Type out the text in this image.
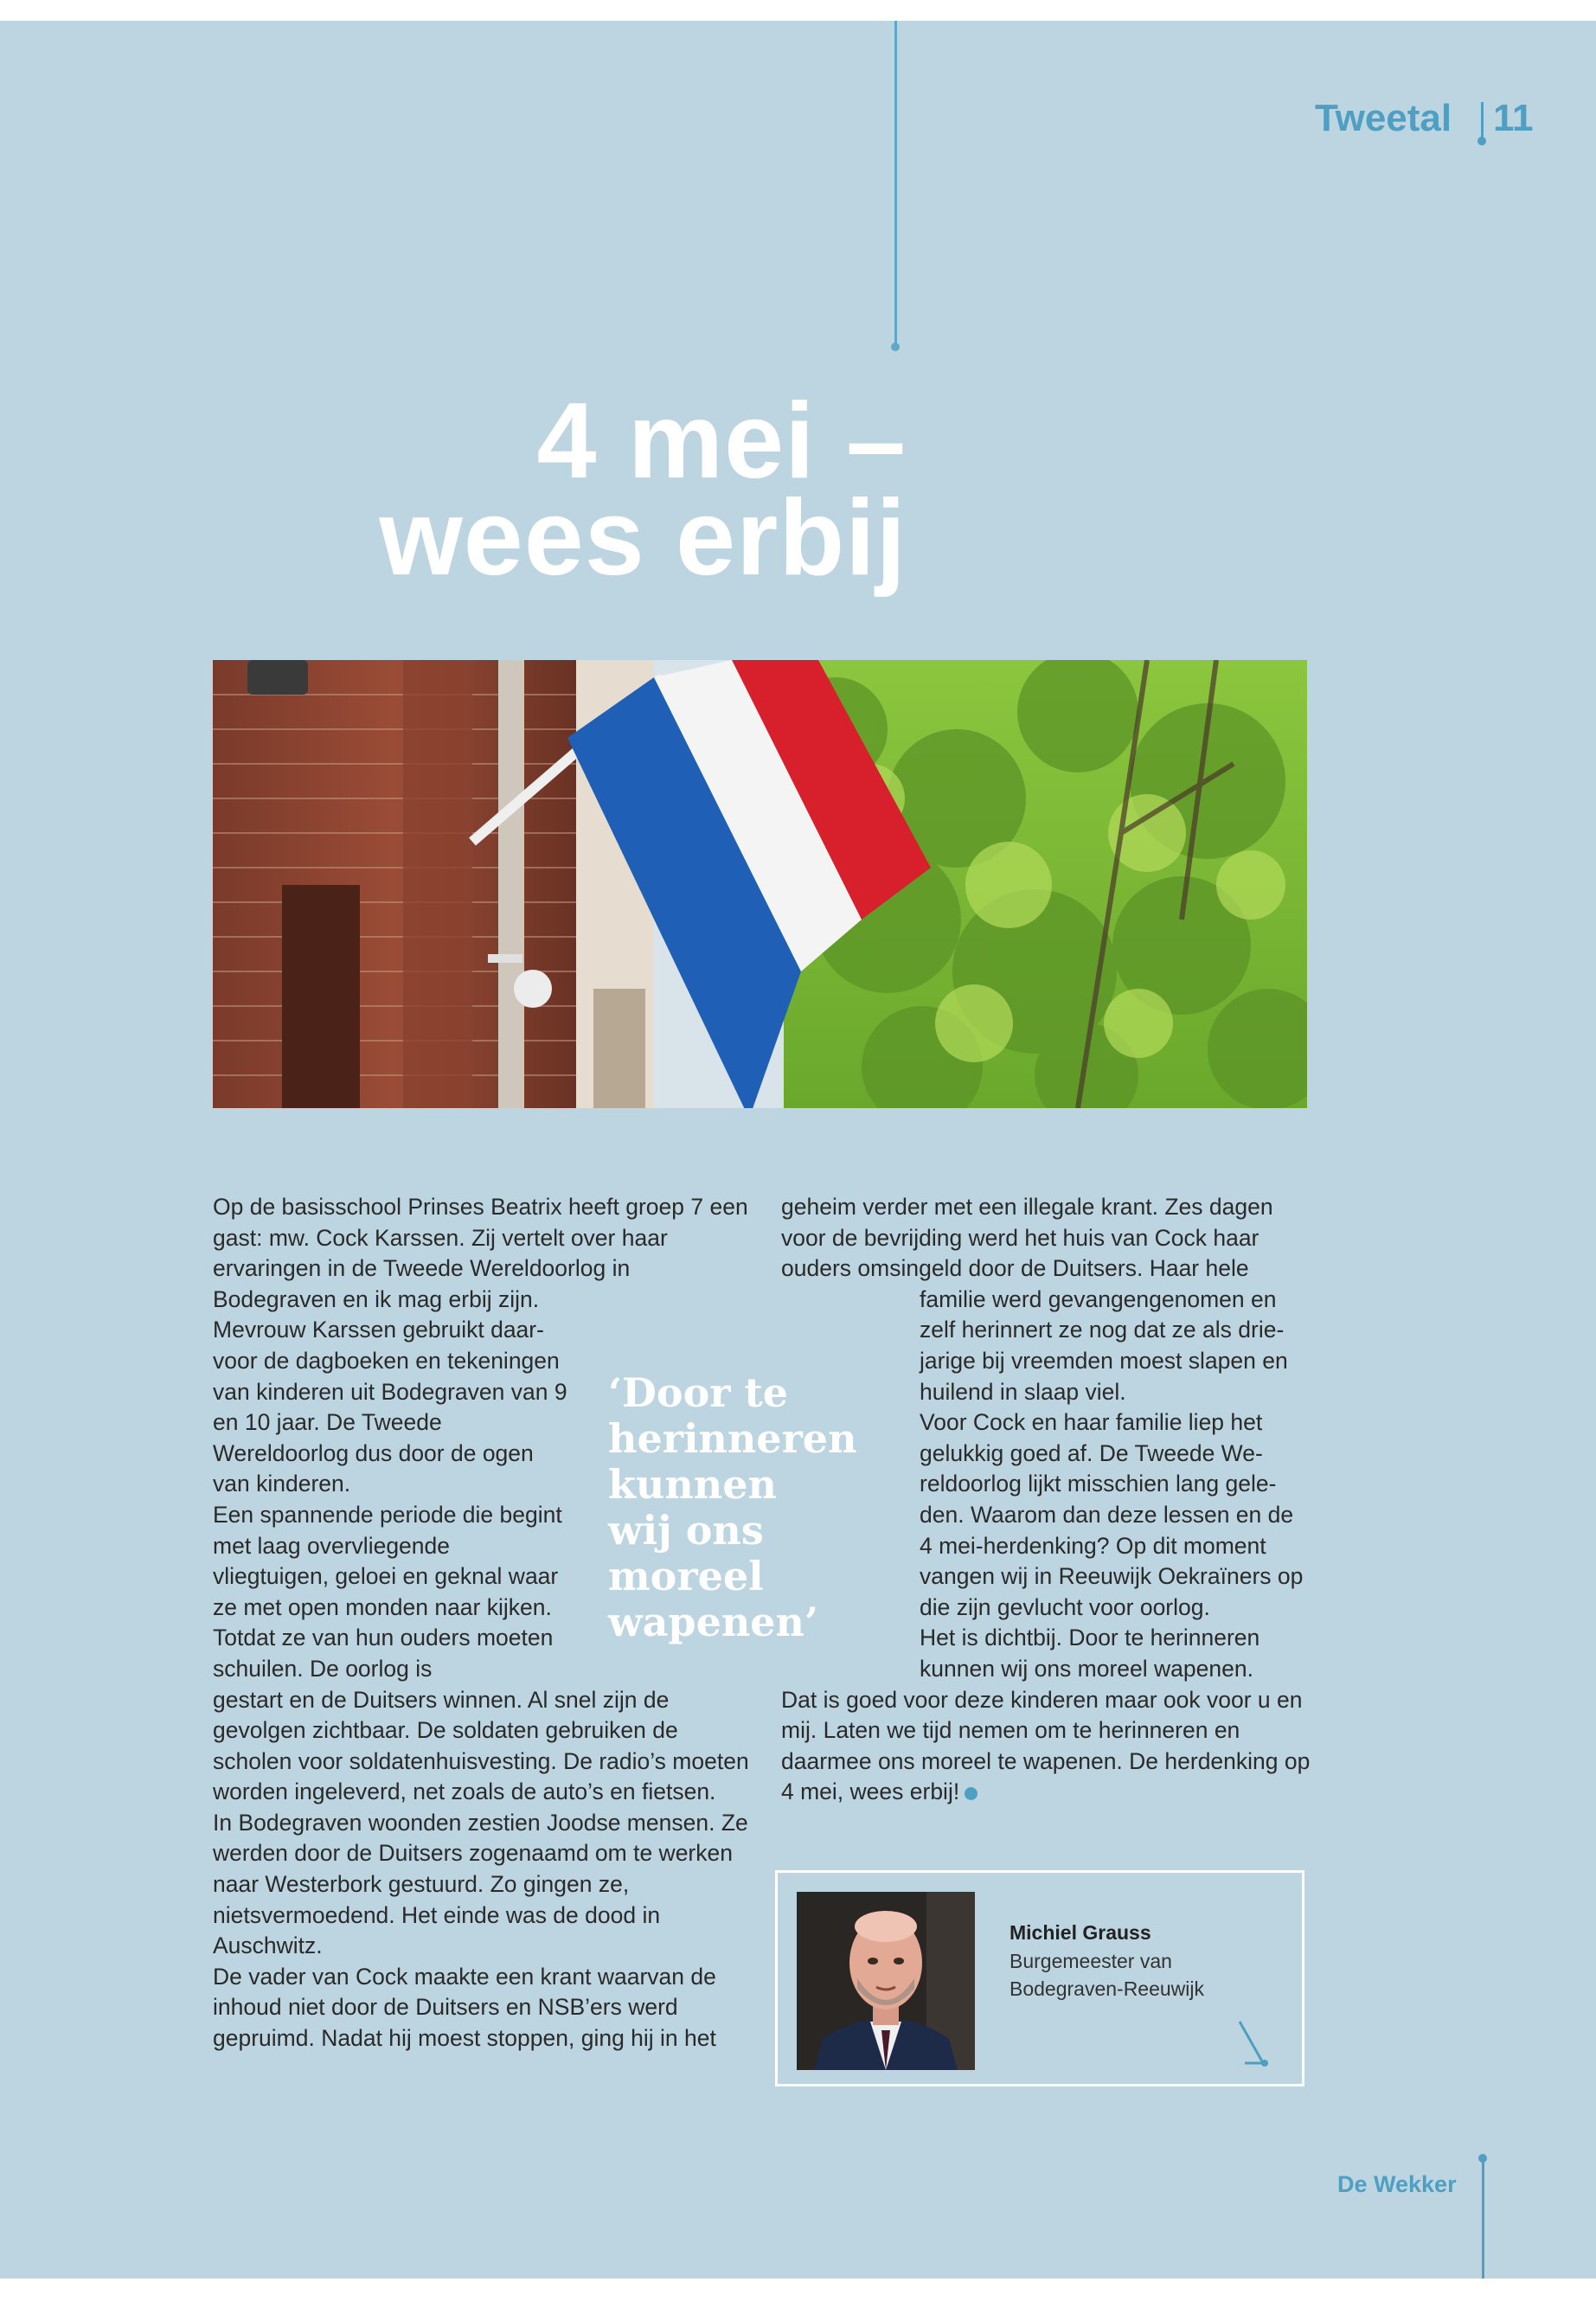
Tweetal 11
4 mei –
wees erbij

Op de basisschool Prinses Beatrix heeft groep 7 een gast: mw. Cock Karssen. Zij vertelt over haar ervaringen in de Tweede Wereldoorlog in Bodegraven en ik mag erbij zijn.

Mevrouw Karssen gebruikt daarvoor de dagboeken en tekeningen van kinderen uit Bodegraven van 9 en 10 jaar. De Tweede Wereldoorlog dus door de ogen van kinderen.

Een spannende periode die begint met laag overvliegende vliegtuigen, geloei en geknal waar ze met open monden naar kijken. Totdat ze van hun ouders moeten schuilen. De oorlog is

gestart en de Duitsers winnen. Al snel zijn de gevolgen zichtbaar. De soldaten gebruiken de scholen voor soldatenhuisvesting. De radio’s moeten worden ingeleverd, net zoals de auto’s en fietsen.

In Bodegraven woonden zestien Joodse mensen. Ze werden door de Duitsers zogenaamd om te werken naar Westerbork gestuurd. Zo gingen ze, nietsvermoedend. Het einde was de dood in Auschwitz.

De vader van Cock maakte een krant waarvan de inhoud niet door de Duitsers en NSB’ers werd gepruimd. Nadat hij moest stoppen, ging hij in het

‘Door te herinneren kunnen wij ons moreel wapenen’

geheim verder met een illegale krant. Zes dagen voor de bevrijding werd het huis van Cock haar ouders omsingeld door de Duitsers. Haar hele

familie werd gevangengenomen en zelf herinnert ze nog dat ze als driejarige bij vreemden moest slapen en huilend in slaap viel.

Voor Cock en haar familie liep het gelukkig goed af. De Tweede Wereldoorlog lijkt misschien lang geleden. Waarom dan deze lessen en de 4 mei-herdenking? Op dit moment vangen wij in Reeuwijk Oekraïners op die zijn gevlucht voor oorlog.

Het is dichtbij. Door te herinneren kunnen wij ons moreel wapenen.

Dat is goed voor deze kinderen maar ook voor u en mij. Laten we tijd nemen om te herinneren en daarmee ons moreel te wapenen. De herdenking op 4 mei, wees erbij!

Michiel Grauss
Burgemeester van Bodegraven-Reeuwijk
De Wekker
